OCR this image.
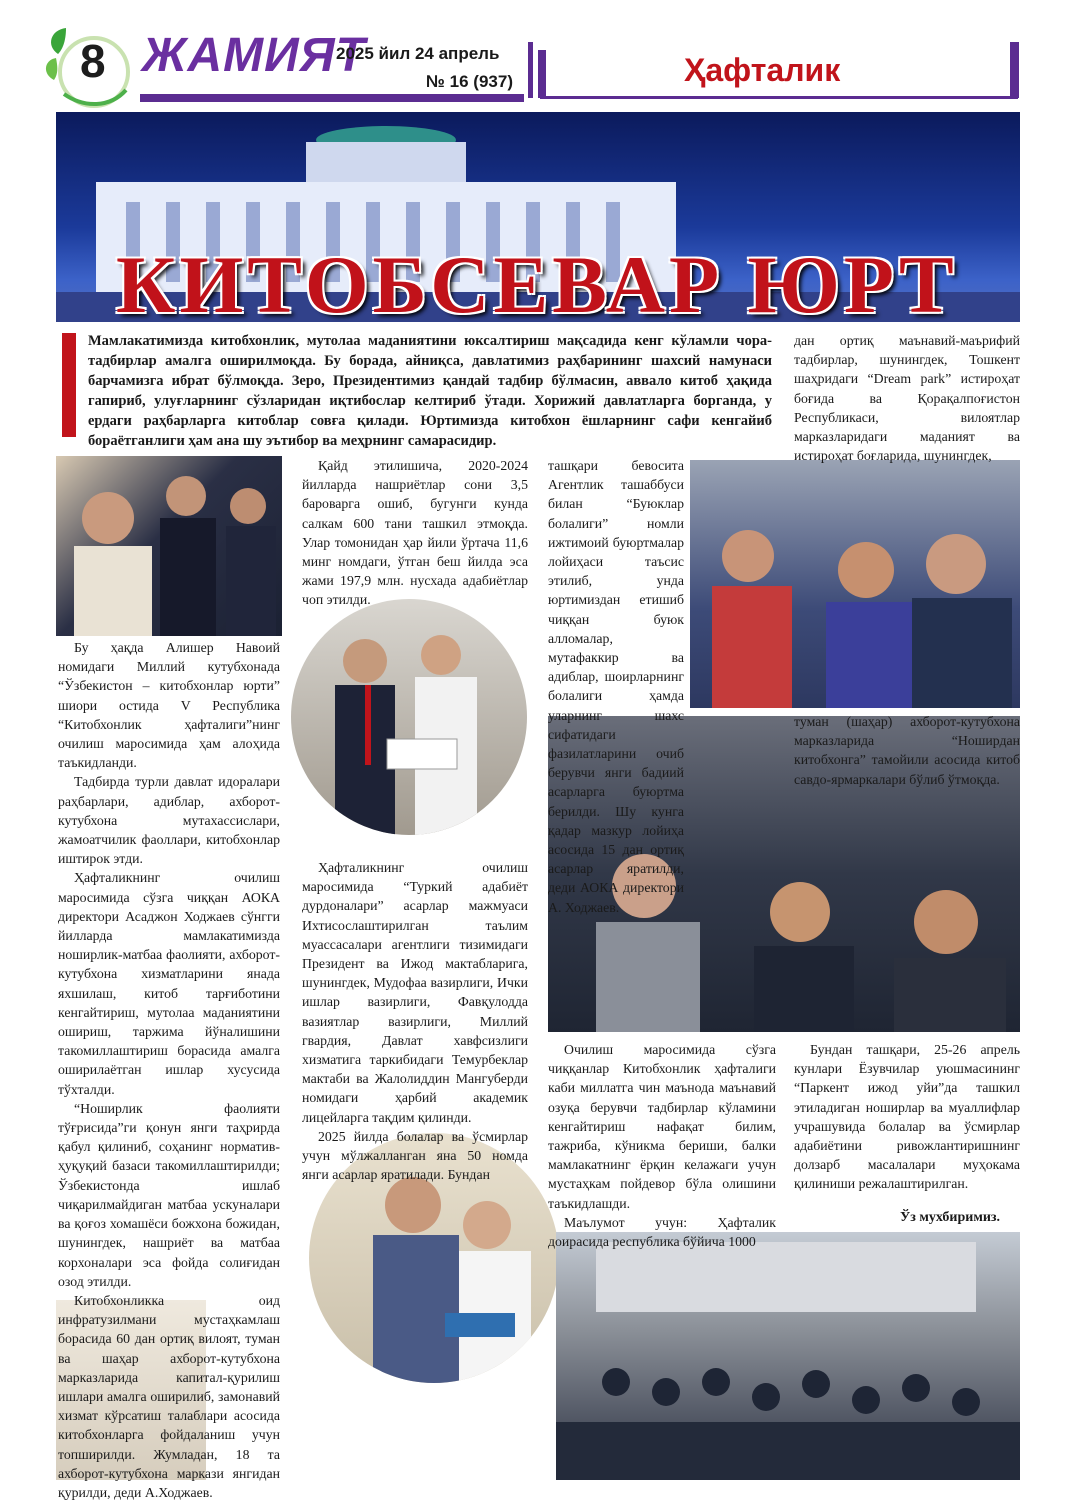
8 ЖАМИЯТ
2025 йил 24 апрель
№ 16 (937)	Ҳафталик
КИТОБСЕВАР ЮРТ
Мамлакатимизда китобхонлик, мутолаа маданиятини юксалтириш мақсадида кенг кўламли чора-тадбирлар амалга оширилмоқда. Бу борада, айниқса, давлатимиз раҳбарининг шахсий намунаси барчамизга ибрат бўлмоқда. Зеро, Президентимиз қандай тадбир бўлмасин, аввало китоб ҳақида гапириб, улуғларнинг сўзларидан иқтибослар келтириб ўтади. Хорижий давлатларга борганда, у ердаги раҳбарларга китоблар совға қилади. Юртимизда китобхон ёшларнинг сафи кенгайиб бораётганлиги ҳам ана шу эътибор ва меҳрнинг самарасидир.

Бу ҳақда Алишер Навоий номидаги Миллий кутубхонада “Ўзбекистон – китобхонлар юрти” шиори остида V Республика “Китобхонлик ҳафталиги”нинг очилиш маросимида ҳам алоҳида таъкидланди.

Тадбирда турли давлат идоралари раҳбарлари, адиблар, ахборот-кутубхона мутахассислари, жамоатчилик фаоллари, китобхонлар иштирок этди.

Ҳафталикнинг очилиш маросимида сўзга чиққан АОКА директори Асаджон Ходжаев сўнгги йилларда мамлакатимизда ноширлик-матбаа фаолияти, ахборот-кутубхона хизматларини янада яхшилаш, китоб тарғиботини кенгайтириш, мутолаа маданиятини ошириш, таржима йўналишини такомиллаштириш борасида амалга оширилаётган ишлар хусусида тўхталди.

“Ноширлик фаолияти тўғрисида”ги қонун янги таҳрирда қабул қилиниб, соҳанинг норматив-ҳуқуқий базаси такомиллаштирилди; Ўзбекистонда ишлаб чиқарилмайдиган матбаа ускуналари ва қоғоз хомашёси божхона божидан, шунингдек, нашриёт ва матбаа корхоналари эса фойда солиғидан озод этилди.

Китобхонликка оид инфратузилмани мустаҳкамлаш борасида 60 дан ортиқ вилоят, туман ва шаҳар ахборот-кутубхона марказларида капитал-қурилиш ишлари амалга оширилиб, замонавий хизмат кўрсатиш талаблари асосида китобхонларга фойдаланиш учун топширилди. Жумладан, 18 та ахборот-кутубхона маркази янгидан қурилди, деди А.Ходжаев.

Қайд этилишича, 2020-2024 йилларда нашриётлар сони 3,5 бароварга ошиб, бугунги кунда салкам 600 тани ташкил этмоқда. Улар томонидан ҳар йили ўртача 11,6 минг номдаги, ўтган беш йилда эса жами 197,9 млн. нусхада адабиётлар чоп этилди.

Ҳафталикнинг очилиш маросимида “Туркий адабиёт дурдоналари” асарлар мажмуаси Ихтисослаштирилган таълим муассасалари агентлиги тизимидаги Президент ва Ижод мактабларига, шунингдек, Мудофаа вазирлиги, Ички ишлар вазирлиги, Фавқулодда вазиятлар вазирлиги, Миллий гвардия, Давлат хавфсизлиги хизматига таркибидаги Темурбеклар мактаби ва Жалолиддин Мангуберди номидаги ҳарбий академик лицейларга тақдим қилинди.

2025 йилда болалар ва ўсмирлар учун мўлжалланган яна 50 номда янги асарлар яратилади. Бундан

ташқари бевосита Агентлик ташаббуси билан “Буюклар болалиги” номли ижтимоий буюртмалар лойиҳаси таъсис этилиб, унда юртимиздан етишиб чиққан буюк алломалар, мутафаккир ва адиблар, шоирларнинг болалиги ҳамда уларнинг шахс сифатидаги фазилатларини очиб берувчи янги бадиий асарларга буюртма берилди. Шу кунга қадар мазкур лойиҳа асосида 15 дан ортиқ асарлар яратилди, деди АОКА директори А. Ходжаев.

Очилиш маросимида сўзга чиққанлар Китобхонлик ҳафталиги каби миллатга чин маънода маънавий озуқа берувчи тадбирлар кўламини кенгайтириш нафақат билим, тажриба, кўникма бериши, балки мамлакатнинг ёрқин келажаги учун мустаҳкам пойдевор бўла олишини таъкидлашди.

Маълумот учун: Ҳафталик доирасида республика бўйича 1000

дан ортиқ маънавий-маърифий тадбирлар, шунингдек, Тошкент шаҳридаги “Dream park” истироҳат боғида ва Қорақалпоғистон Республикаси, вилоятлар марказларидаги маданият ва истироҳат боғларида, шунингдек,

туман (шаҳар) ахборот-кутубхона марказларида “Ноширдан китобхонга” тамойили асосида китоб савдо-ярмаркалари бўлиб ўтмоқда.

Бундан ташқари, 25-26 апрель кунлари Ёзувчилар уюшмасининг “Паркент ижод уйи”да ташкил этиладиган ноширлар ва муаллифлар учрашувида болалар ва ўсмирлар адабиётини ривожлантиришнинг долзарб масалалари муҳокама қилиниши режалаштирилган.

Ўз мухбиримиз.
